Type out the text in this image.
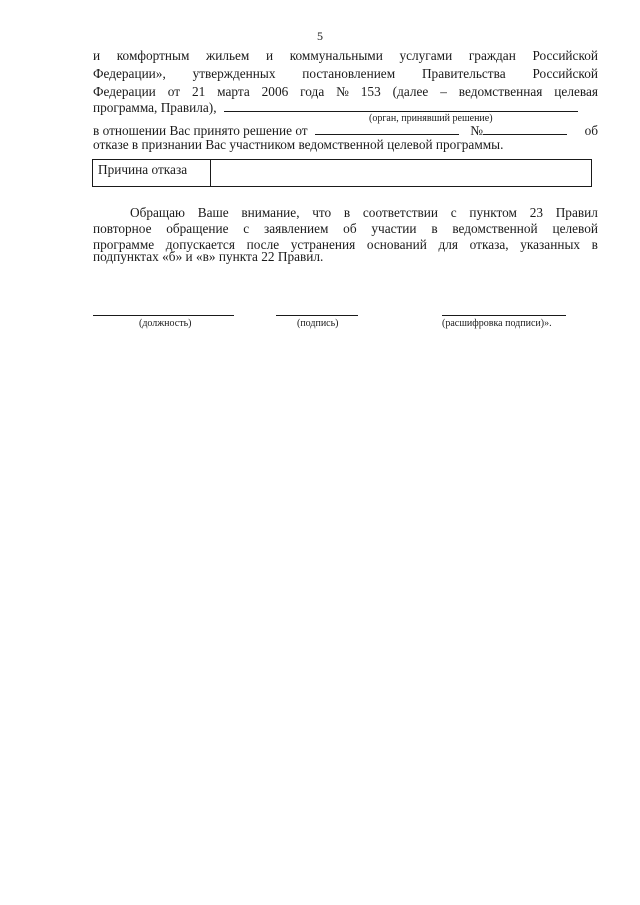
5
и комфортным жильем и коммунальными услугами граждан Российской
Федерации», утвержденных постановлением Правительства Российской
Федерации от 21 марта 2006 года № 153 (далее – ведомственная целевая
программа, Правила),
(орган, принявший решение)
в отношении Вас принято решение от	№	об
отказе в признании Вас участником ведомственной целевой программы.
Причина отказа
Обращаю Ваше внимание, что в соответствии с пунктом 23 Правил
повторное обращение с заявлением об участии в ведомственной целевой
программе допускается после устранения оснований для отказа, указанных в
подпунктах «б» и «в» пункта 22 Правил.
(должность)	(подпись)	(расшифровка подписи)».
